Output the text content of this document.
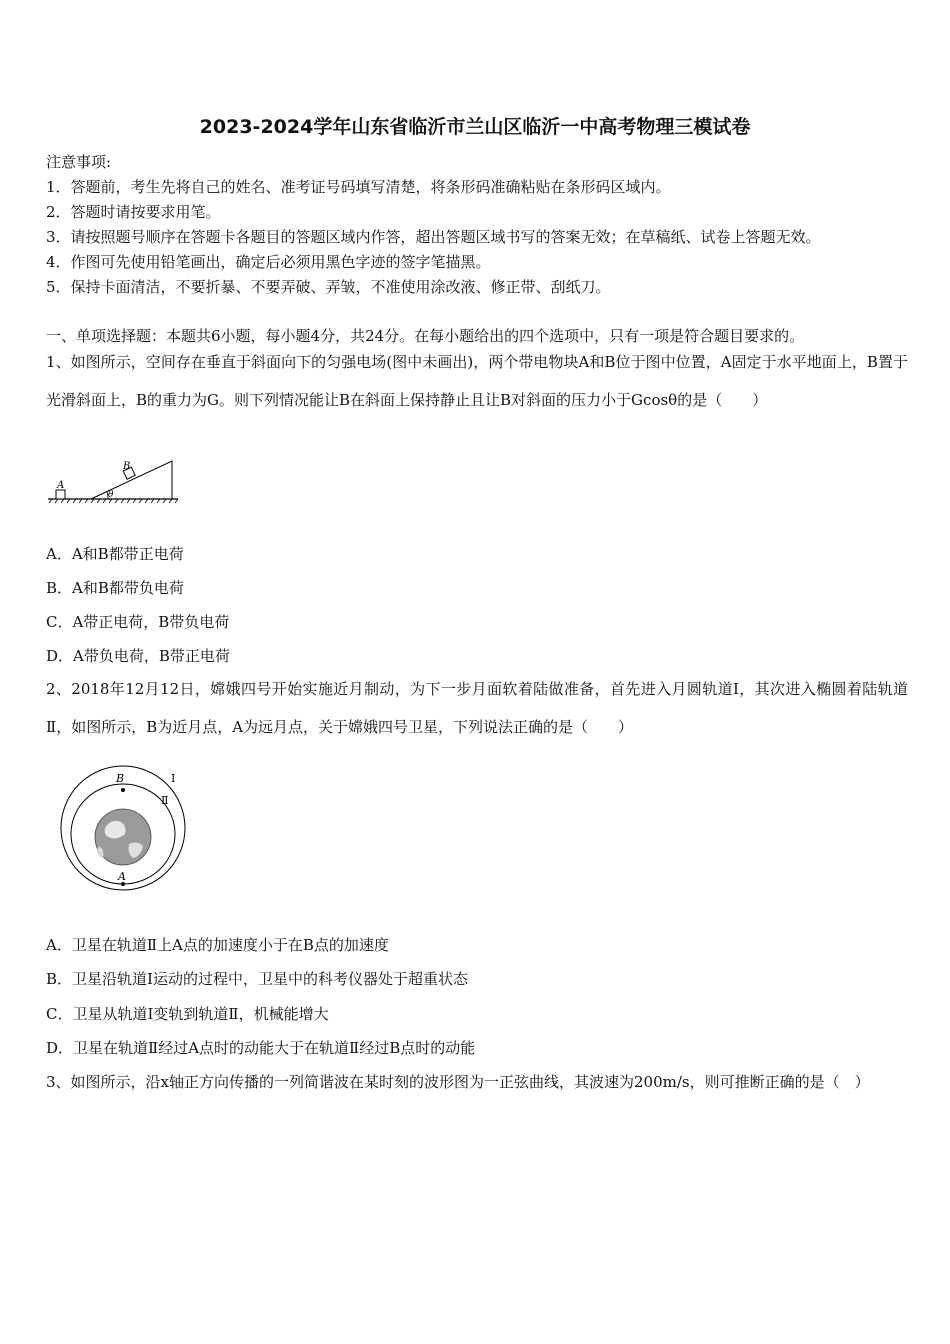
2023-2024学年山东省临沂市兰山区临沂一中高考物理三模试卷
注意事项:
1．答题前，考生先将自己的姓名、准考证号码填写清楚，将条形码准确粘贴在条形码区域内。
2．答题时请按要求用笔。
3．请按照题号顺序在答题卡各题目的答题区域内作答，超出答题区域书写的答案无效；在草稿纸、试卷上答题无效。
4．作图可先使用铅笔画出，确定后必须用黑色字迹的签字笔描黑。
5．保持卡面清洁，不要折暴、不要弄破、弄皱，不准使用涂改液、修正带、刮纸刀。
一、单项选择题：本题共6小题，每小题4分，共24分。在每小题给出的四个选项中，只有一项是符合题目要求的。
1、如图所示，空间存在垂直于斜面向下的匀强电场(图中未画出)，两个带电物块A和B位于图中位置，A固定于水平地面上，B置于光滑斜面上，B的重力为G。则下列情况能让B在斜面上保持静止且让B对斜面的压力小于Gcosθ的是（　　）
A
B
θ
A．A和B都带正电荷
B．A和B都带负电荷
C．A带正电荷，B带负电荷
D．A带负电荷，B带正电荷
2、2018年12月12日，嫦娥四号开始实施近月制动，为下一步月面软着陆做准备，首先进入月圆轨道Ⅰ，其次进入椭圆着陆轨道Ⅱ，如图所示，B为近月点，A为远月点，关于嫦娥四号卫星，下列说法正确的是（　　）
B
A
Ⅰ
Ⅱ
A．卫星在轨道Ⅱ上A点的加速度小于在B点的加速度
B．卫星沿轨道Ⅰ运动的过程中，卫星中的科考仪器处于超重状态
C．卫星从轨道Ⅰ变轨到轨道Ⅱ，机械能增大
D．卫星在轨道Ⅱ经过A点时的动能大于在轨道Ⅱ经过B点时的动能
3、如图所示，沿x轴正方向传播的一列简谐波在某时刻的波形图为一正弦曲线，其波速为200m/s，则可推断正确的是（　）
